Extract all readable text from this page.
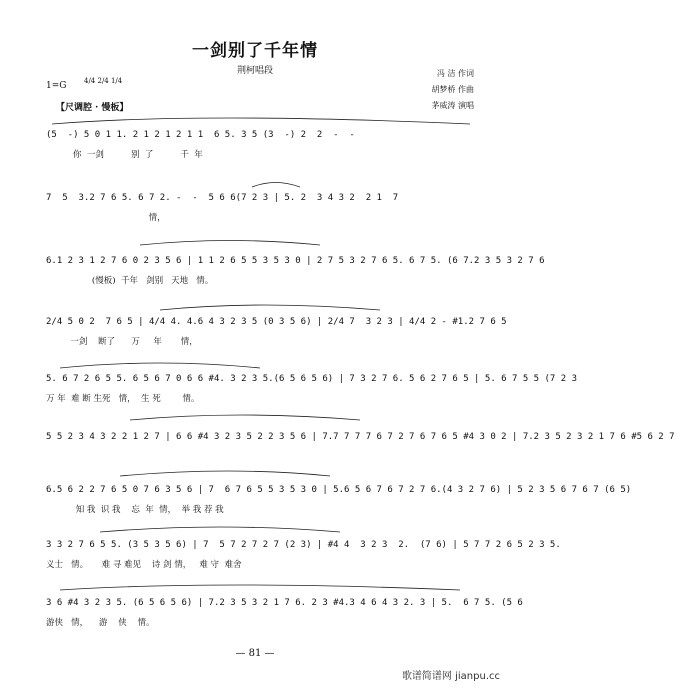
一剑别了千年情
荆柯唱段
1=G	4/4 2/4 1/4
【尺调腔 · 慢板】
冯 洁 作词
胡梦桥 作曲
茅威涛 演唱
(5  -) 5 0 1 1. 2 1 2 1 2 1 1  6 5. 3 5 (3  -) 2  2  -  -
你  一剑          别  了          千  年
7  5  3.2 7 6 5. 6 7 2. -  -  5 6 6(7 2 3 | 5. 2  3 4 3 2  2 1  7
情，
6.1 2 3 1 2 7 6 0 2 3 5 6 | 1 1 2 6 5 5 3 5 3 0 | 2 7 5 3 2 7 6 5. 6 7 5. (6 7.2 3 5 3 2 7 6
(慢板)  千年   剑别   天地   情。
2/4 5 0 2  7 6 5 | 4/4 4. 4.6 4 3 2 3 5 (0 3 5 6) | 2/4 7  3 2 3 | 4/4 2 - #1.2 7 6 5
一剑    断了      万     年       情，
5. 6 7 2 6 5 5. 6 5 6 7 0 6 6 #4. 3 2 3 5.(6 5 6 5 6) | 7 3 2 7 6. 5 6 2 7 6 5 | 5. 6 7 5 5 (7 2 3
万 年  难 断 生死   情，  生 死        情。
5 5 2 3 4 3 2 2 1 2 7 | 6 6 #4 3 2 3 5 2 2 3 5 6 | 7.7 7 7 7 6 7 2 7 6 7 6 5 #4 3 0 2 | 7.2 3 5 2 3 2 1 7 6 #5 6 2 7
6.5 6 2 2 7 6 5 0 7 6 3 5 6 | 7  6 7 6 5 5 3 5 3 0 | 5.6 5 6 7 6 7 2 7 6.(4 3 2 7 6) | 5 2 3 5 6 7 6 7 (6 5)
知 我  识 我    忘  年  情，  举 我 荐 我
3 3 2 7 6 5 5. (3 5 3 5 6) | 7  5 7 2 7 2 7 (2 3) | #4 4  3 2 3  2.  (7 6) | 5 7 7 2 6 5 2 3 5.
义士   情。     难 寻 难见    诗 剑 情，   难 守  难舍
3 6 #4 3 2 3 5. (6 5 6 5 6) | 7.2 3 5 3 2 1 7 6. 2 3 #4.3 4 6 4 3 2. 3 | 5.  6 7 5. (5 6
游侠   情，    游    侠    情。
— 81 —
歌谱简谱网 jianpu.cc
